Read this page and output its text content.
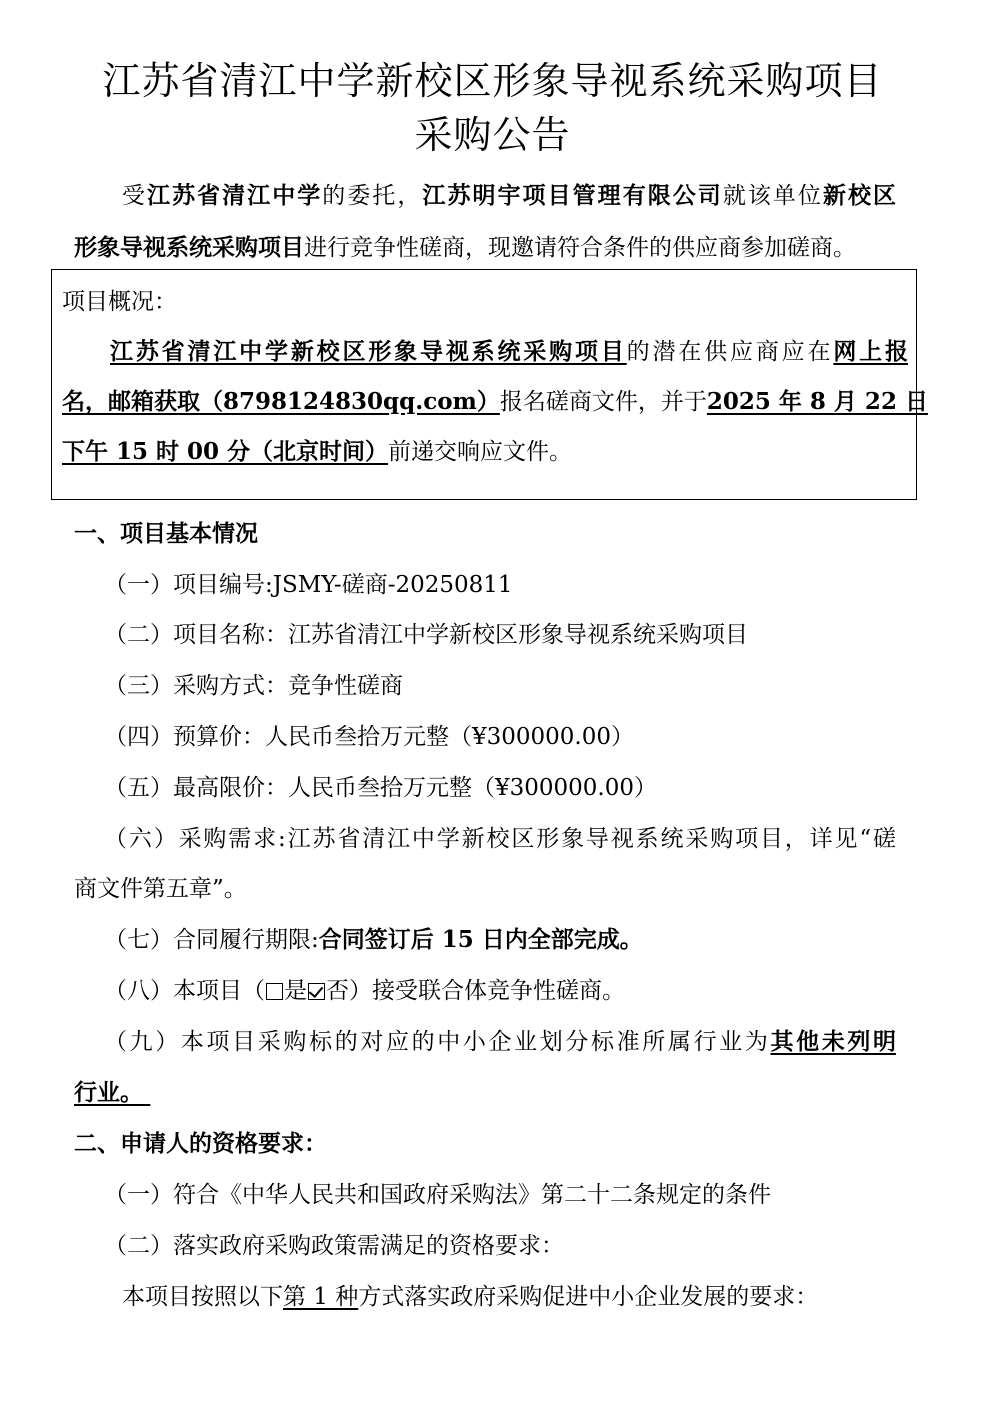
江苏省清江中学新校区形象导视系统采购项目
采购公告
受江苏省清江中学的委托，江苏明宇项目管理有限公司就该单位新校区
形象导视系统采购项目进行竞争性磋商，现邀请符合条件的供应商参加磋商。
项目概况：
江苏省清江中学新校区形象导视系统采购项目的潜在供应商应在网上报
名，邮箱获取（8798124830qq.com）报名磋商文件，并于2025 年 8 月 22 日
下午 15 时 00 分（北京时间）前递交响应文件。
一、项目基本情况
（一）项目编号:JSMY-磋商-20250811
（二）项目名称：江苏省清江中学新校区形象导视系统采购项目
（三）采购方式：竞争性磋商
（四）预算价：人民币叁拾万元整（¥300000.00）
（五）最高限价：人民币叁拾万元整（¥300000.00）
（六）采购需求:江苏省清江中学新校区形象导视系统采购项目，详见“磋
商文件第五章”。
（七）合同履行期限:合同签订后 15 日内全部完成。
（八）本项目（ 是 否）接受联合体竞争性磋商。
（九）本项目采购标的对应的中小企业划分标准所属行业为其他未列明
行业。
二、申请人的资格要求：
（一）符合《中华人民共和国政府采购法》第二十二条规定的条件
（二）落实政府采购政策需满足的资格要求：
本项目按照以下第 1 种方式落实政府采购促进中小企业发展的要求：
